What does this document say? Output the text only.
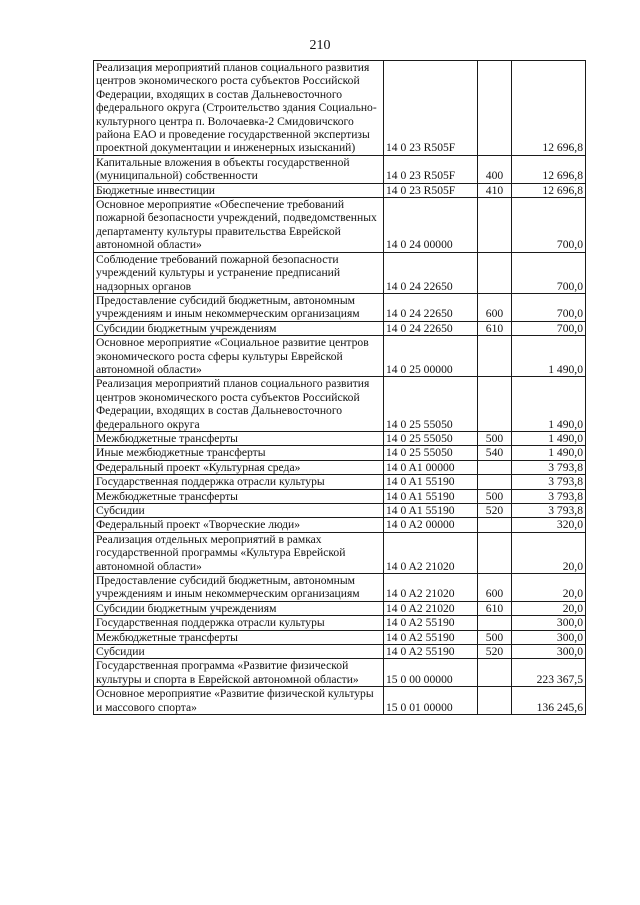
210
Реализация мероприятий планов социального развития центров экономического роста субъектов Российской Федерации, входящих в состав Дальневосточного федерального округа (Строительство здания Социально-культурного центра п. Волочаевка-2 Смидовичского района ЕАО и проведение государственной экспертизы проектной документации и инженерных изысканий)	14 0 23 R505F		12 696,8
Капитальные вложения в объекты государственной (муниципальной) собственности	14 0 23 R505F	400	12 696,8
Бюджетные инвестиции	14 0 23 R505F	410	12 696,8
Основное мероприятие «Обеспечение требований пожарной безопасности учреждений, подведомственных департаменту культуры правительства Еврейской автономной области»	14 0 24 00000		700,0
Соблюдение требований пожарной безопасности учреждений культуры и устранение предписаний надзорных органов	14 0 24 22650		700,0
Предоставление субсидий бюджетным, автономным учреждениям и иным некоммерческим организациям	14 0 24 22650	600	700,0
Субсидии бюджетным учреждениям	14 0 24 22650	610	700,0
Основное мероприятие «Социальное развитие центров экономического роста сферы культуры Еврейской автономной области»	14 0 25 00000		1 490,0
Реализация мероприятий планов социального развития центров экономического роста субъектов Российской Федерации, входящих в состав Дальневосточного федерального округа	14 0 25 55050		1 490,0
Межбюджетные трансферты	14 0 25 55050	500	1 490,0
Иные межбюджетные трансферты	14 0 25 55050	540	1 490,0
Федеральный проект «Культурная среда»	14 0 A1 00000		3 793,8
Государственная поддержка отрасли культуры	14 0 A1 55190		3 793,8
Межбюджетные трансферты	14 0 A1 55190	500	3 793,8
Субсидии	14 0 A1 55190	520	3 793,8
Федеральный проект «Творческие люди»	14 0 A2 00000		320,0
Реализация отдельных мероприятий в рамках государственной программы «Культура Еврейской автономной области»	14 0 A2 21020		20,0
Предоставление субсидий бюджетным, автономным учреждениям и иным некоммерческим организациям	14 0 A2 21020	600	20,0
Субсидии бюджетным учреждениям	14 0 A2 21020	610	20,0
Государственная поддержка отрасли культуры	14 0 A2 55190		300,0
Межбюджетные трансферты	14 0 A2 55190	500	300,0
Субсидии	14 0 A2 55190	520	300,0
Государственная программа «Развитие физической культуры и спорта в Еврейской автономной области»	15 0 00 00000		223 367,5
Основное мероприятие «Развитие физической культуры и массового спорта»	15 0 01 00000		136 245,6
